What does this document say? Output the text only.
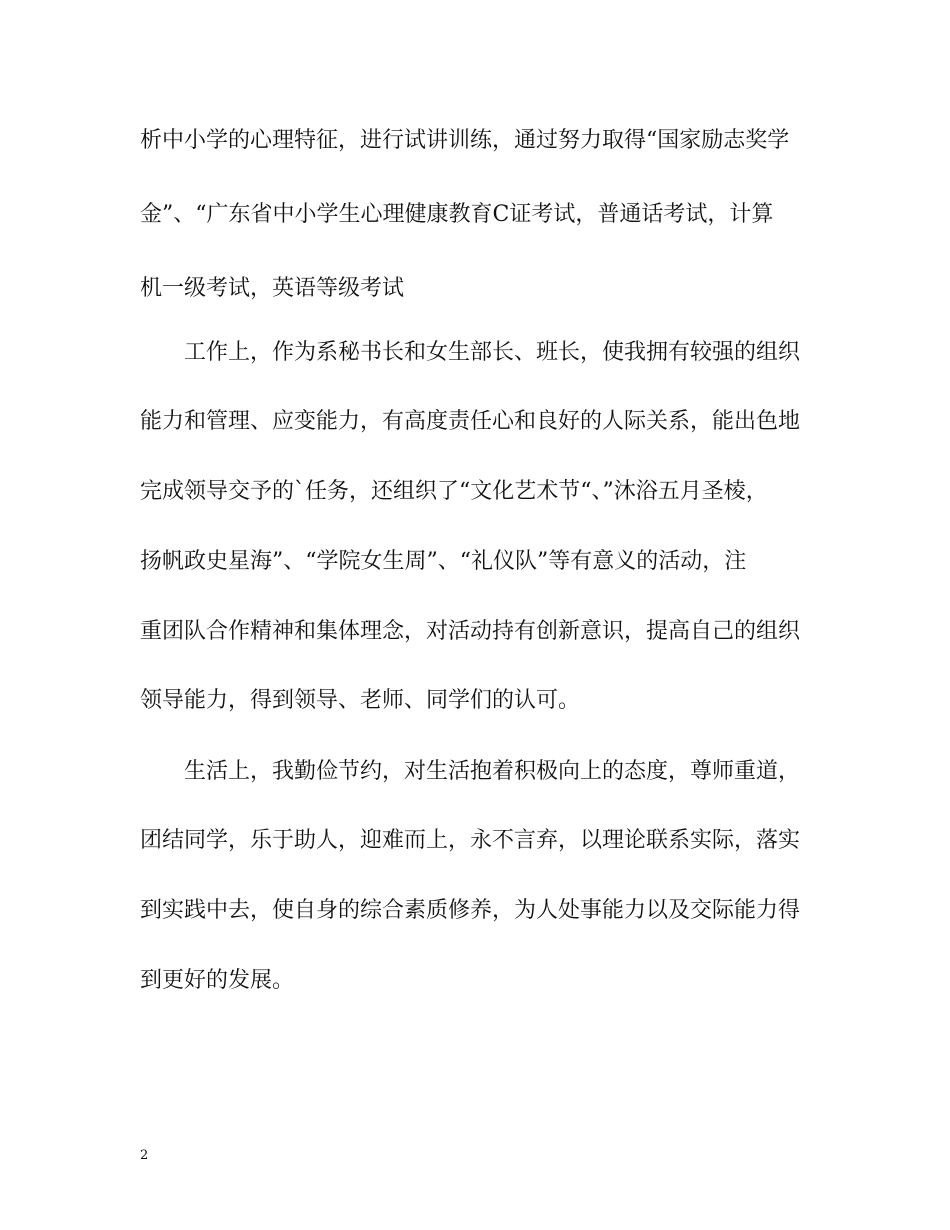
析中小学的心理特征，进行试讲训练，通过努力取得“国家励志奖学
金”、“广东省中小学生心理健康教育C证考试，普通话考试，计算
机一级考试，英语等级考试
工作上，作为系秘书长和女生部长、班长，使我拥有较强的组织
能力和管理、应变能力，有高度责任心和良好的人际关系，能出色地
完成领导交予的`任务，还组织了“文化艺术节“、”沐浴五月圣棱，
扬帆政史星海”、“学院女生周”、“礼仪队”等有意义的活动，注
重团队合作精神和集体理念，对活动持有创新意识，提高自己的组织
领导能力，得到领导、老师、同学们的认可。
生活上，我勤俭节约，对生活抱着积极向上的态度，尊师重道，
团结同学，乐于助人，迎难而上，永不言弃，以理论联系实际，落实
到实践中去，使自身的综合素质修养，为人处事能力以及交际能力得
到更好的发展。
2
